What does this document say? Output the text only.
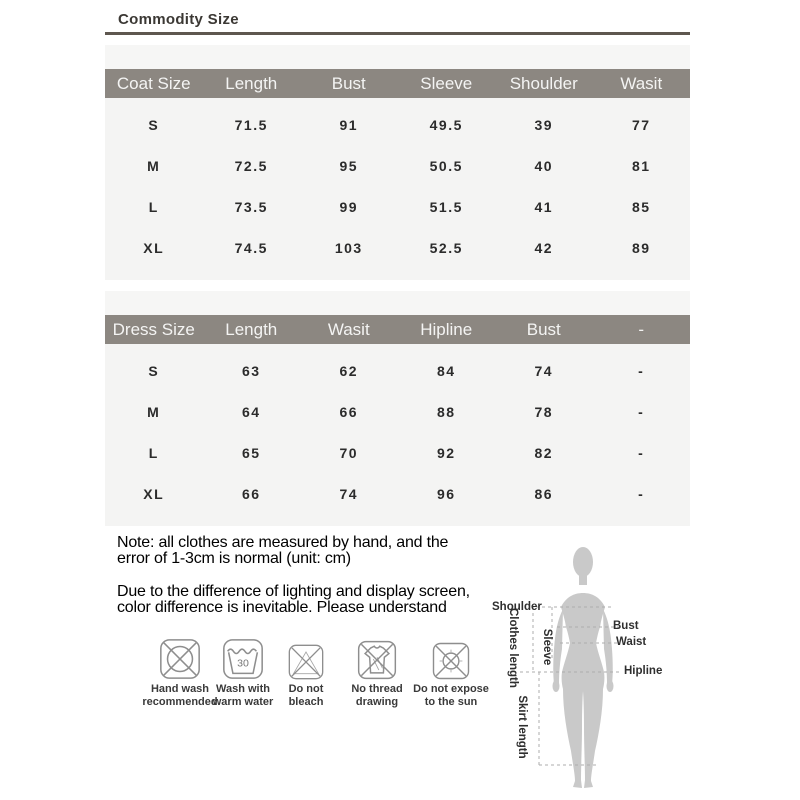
Commodity Size
Coat Size	Length	Bust	Sleeve	Shoulder	Wasit
S	71.5	91	49.5	39	77
M	72.5	95	50.5	40	81
L	73.5	99	51.5	41	85
XL	74.5	103	52.5	42	89
Dress Size	Length	Wasit	Hipline	Bust	-
S	63	62	84	74	-
M	64	66	88	78	-
L	65	70	92	82	-
XL	66	74	96	86	-
Note: all clothes are measured by hand, and the
error of 1-3cm is normal (unit: cm)
Due to the difference of lighting and display screen,
color difference is inevitable. Please understand
Hand wash
recommended
30
Wash with
warm water
Do not
bleach
No thread
drawing
Do not expose
to the sun
Shoulder
Clothes length Sleeve
Bust
Waist
Hipline
Skirt length
